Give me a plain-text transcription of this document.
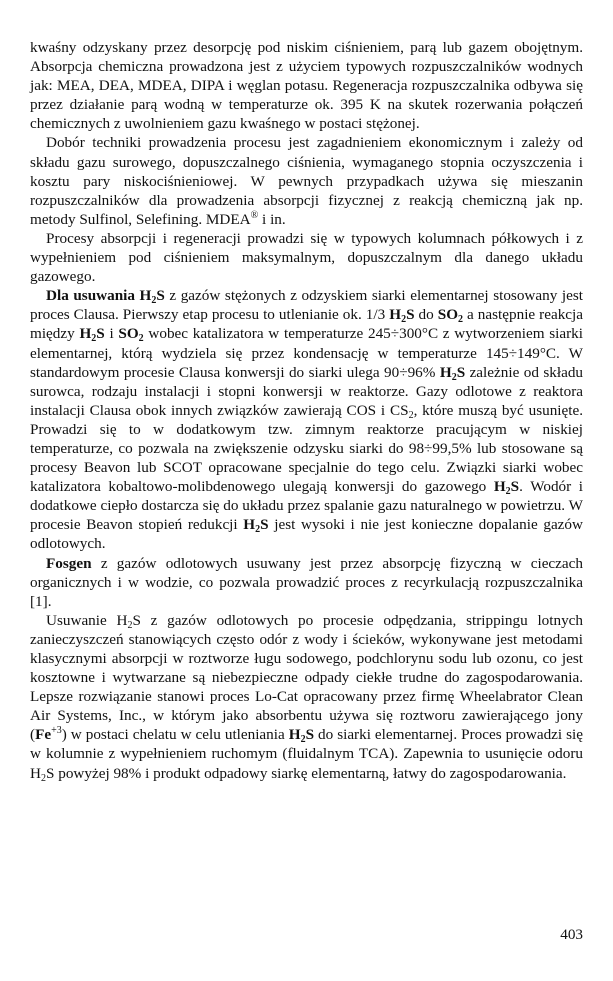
kwaśny odzyskany przez desorpcję pod niskim ciśnieniem, parą lub gazem obojętnym. Absorpcja chemiczna prowadzona jest z użyciem typowych rozpuszczalników wodnych jak: MEA, DEA, MDEA, DIPA i węglan potasu. Regeneracja rozpuszczalnika odbywa się przez działanie parą wodną w temperaturze ok. 395 K na skutek rozerwania połączeń chemicznych z uwolnieniem gazu kwaśnego w postaci stężonej.

Dobór techniki prowadzenia procesu jest zagadnieniem ekonomicznym i zależy od składu gazu surowego, dopuszczalnego ciśnienia, wymaganego stopnia oczyszczenia i kosztu pary niskociśnieniowej. W pewnych przypadkach używa się mieszanin rozpuszczalników dla prowadzenia absorpcji fizycznej z reakcją chemiczną jak np. metody Sulfinol, Selefining. MDEA® i in.

Procesy absorpcji i regeneracji prowadzi się w typowych kolumnach półkowych i z wypełnieniem pod ciśnieniem maksymalnym, dopuszczalnym dla danego układu gazowego.

Dla usuwania $H_2S$ z gazów stężonych z odzyskiem siarki elementarnej stosowany jest proces Clausa. Pierwszy etap procesu to utlenianie ok. 1/3 $H_2S$ do $SO_2$ a następnie reakcja między $H_2S$ i $SO_2$ wobec katalizatora w temperaturze 245÷300°C z wytworzeniem siarki elementarnej, którą wydziela się przez kondensację w temperaturze 145÷149°C. W standardowym procesie Clausa konwersji do siarki ulega 90÷96% $H_2S$ zależnie od składu surowca, rodzaju instalacji i stopni konwersji w reaktorze. Gazy odlotowe z reaktora instalacji Clausa obok innych związków zawierają COS i $CS_2$, które muszą być usunięte. Prowadzi się to w dodatkowym tzw. zimnym reaktorze pracującym w niskiej temperaturze, co pozwala na zwiększenie odzysku siarki do 98÷99,5% lub stosowane są procesy Beavon lub SCOT opracowane specjalnie do tego celu. Związki siarki wobec katalizatora kobaltowo-molibdenowego ulegają konwersji do gazowego $H_2S$. Wodór i dodatkowe ciepło dostarcza się do układu przez spalanie gazu naturalnego w powietrzu. W procesie Beavon stopień redukcji $H_2S$ jest wysoki i nie jest konieczne dopalanie gazów odlotowych.

Fosgen z gazów odlotowych usuwany jest przez absorpcję fizyczną w cieczach organicznych i w wodzie, co pozwala prowadzić proces z recyrkulacją rozpuszczalnika [1].

Usuwanie $H_2S$ z gazów odlotowych po procesie odpędzania, strippingu lotnych zanieczyszczeń stanowiących często odór z wody i ścieków, wykonywane jest metodami klasycznymi absorpcji w roztworze ługu sodowego, podchlorynu sodu lub ozonu, co jest kosztowne i wytwarzane są niebezpieczne odpady ciekłe trudne do zagospodarowania. Lepsze rozwiązanie stanowi proces Lo-Cat opracowany przez firmę Wheelabrator Clean Air Systems, Inc., w którym jako absorbentu używa się roztworu zawierającego jony $(Fe^{+3})$ w postaci chelatu w celu utleniania $H_2S$ do siarki elementarnej. Proces prowadzi się w kolumnie z wypełnieniem ruchomym (fluidalnym TCA). Zapewnia to usunięcie odoru $H_2S$ powyżej 98% i produkt odpadowy siarkę elementarną, łatwy do zagospodarowania.

403
